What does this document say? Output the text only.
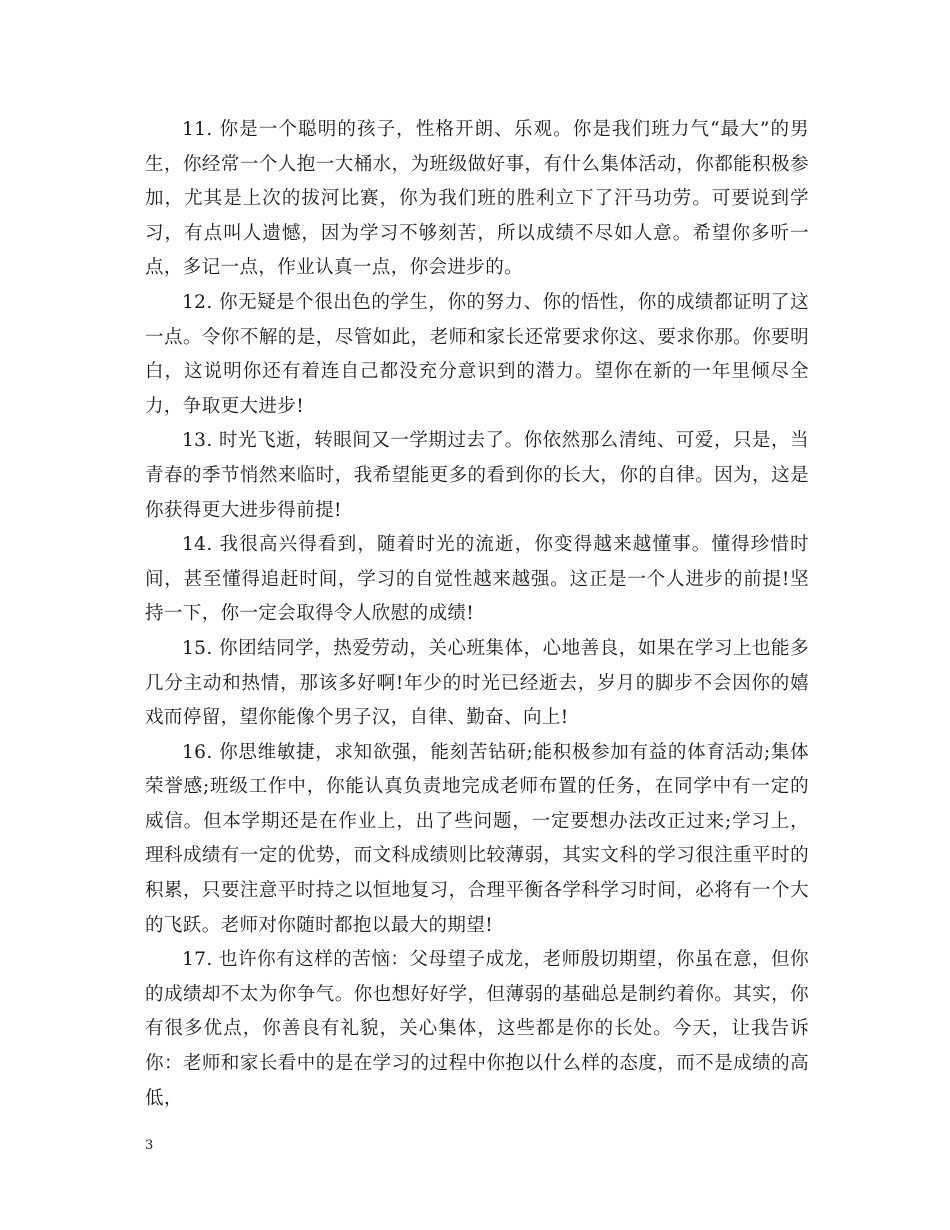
11. 你是一个聪明的孩子，性格开朗、乐观。你是我们班力气“最大”的男生，你经常一个人抱一大桶水，为班级做好事，有什么集体活动，你都能积极参加，尤其是上次的拔河比赛，你为我们班的胜利立下了汗马功劳。可要说到学习，有点叫人遗憾，因为学习不够刻苦，所以成绩不尽如人意。希望你多听一点，多记一点，作业认真一点，你会进步的。

12. 你无疑是个很出色的学生，你的努力、你的悟性，你的成绩都证明了这一点。令你不解的是，尽管如此，老师和家长还常要求你这、要求你那。你要明白，这说明你还有着连自己都没充分意识到的潜力。望你在新的一年里倾尽全力，争取更大进步!

13. 时光飞逝，转眼间又一学期过去了。你依然那么清纯、可爱，只是，当青春的季节悄然来临时，我希望能更多的看到你的长大，你的自律。因为，这是你获得更大进步得前提!

14. 我很高兴得看到，随着时光的流逝，你变得越来越懂事。懂得珍惜时间，甚至懂得追赶时间，学习的自觉性越来越强。这正是一个人进步的前提!坚持一下，你一定会取得令人欣慰的成绩!

15. 你团结同学，热爱劳动，关心班集体，心地善良，如果在学习上也能多几分主动和热情，那该多好啊!年少的时光已经逝去，岁月的脚步不会因你的嬉戏而停留，望你能像个男子汉，自律、勤奋、向上!

16. 你思维敏捷，求知欲强，能刻苦钻研;能积极参加有益的体育活动;集体荣誉感;班级工作中，你能认真负责地完成老师布置的任务，在同学中有一定的威信。但本学期还是在作业上，出了些问题，一定要想办法改正过来;学习上，理科成绩有一定的优势，而文科成绩则比较薄弱，其实文科的学习很注重平时的积累，只要注意平时持之以恒地复习，合理平衡各学科学习时间，必将有一个大的飞跃。老师对你随时都抱以最大的期望!

17. 也许你有这样的苦恼：父母望子成龙，老师殷切期望，你虽在意，但你的成绩却不太为你争气。你也想好好学，但薄弱的基础总是制约着你。其实，你有很多优点，你善良有礼貌，关心集体，这些都是你的长处。今天，让我告诉你：老师和家长看中的是在学习的过程中你抱以什么样的态度，而不是成绩的高低，

3
